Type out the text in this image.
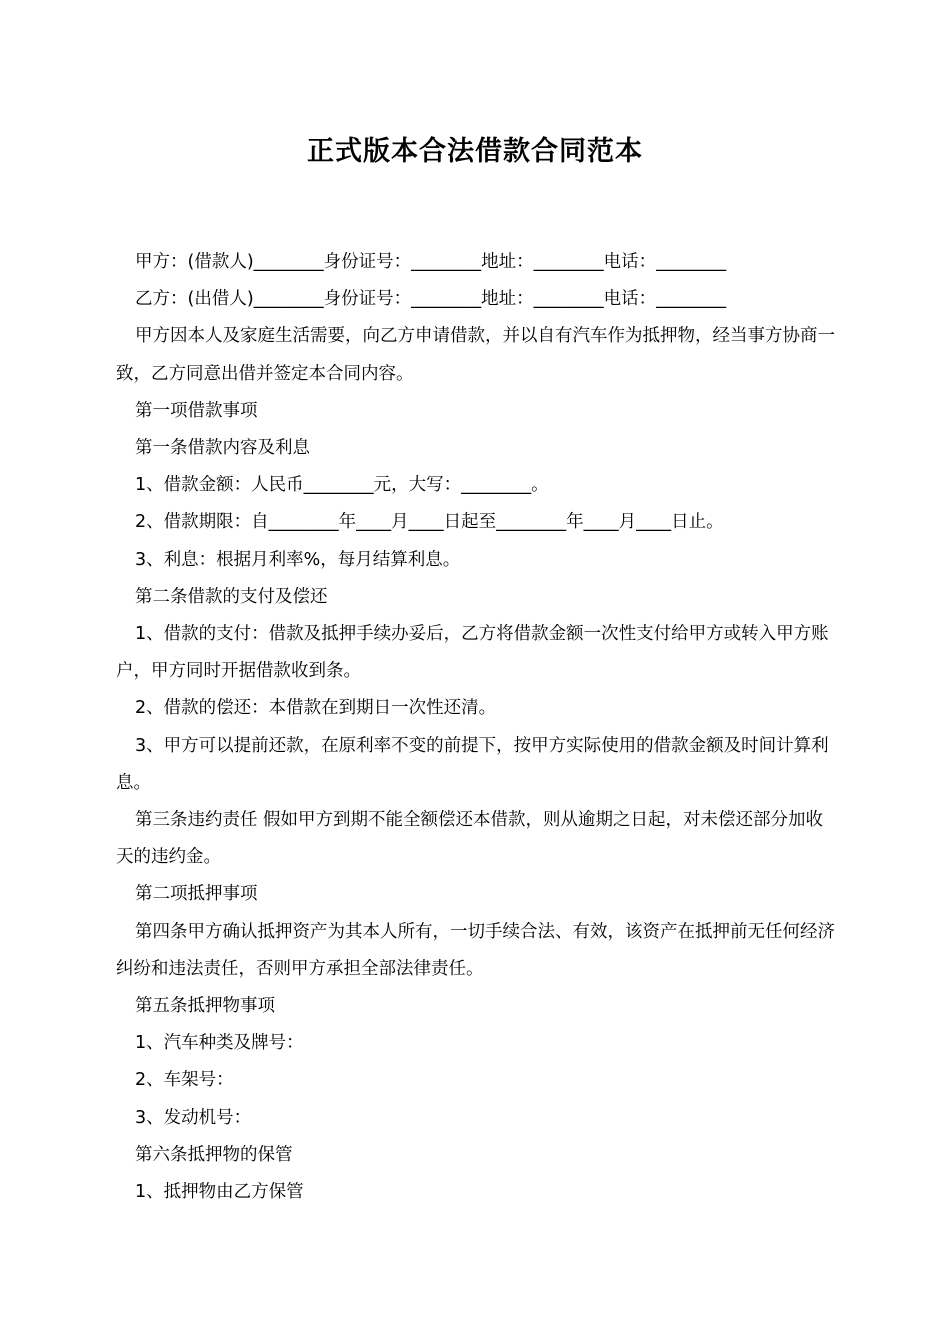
正式版本合法借款合同范本

甲方：(借款人)________身份证号：________地址：________电话：________

乙方：(出借人)________身份证号：________地址：________电话：________

甲方因本人及家庭生活需要，向乙方申请借款，并以自有汽车作为抵押物，经当事方协商一致，乙方同意出借并签定本合同内容。

第一项借款事项

第一条借款内容及利息

1、借款金额：人民币________元，大写：________。

2、借款期限：自________年____月____日起至________年____月____日止。

3、利息：根据月利率%，每月结算利息。

第二条借款的支付及偿还

1、借款的支付：借款及抵押手续办妥后，乙方将借款金额一次性支付给甲方或转入甲方账户，甲方同时开据借款收到条。

2、借款的偿还：本借款在到期日一次性还清。

3、甲方可以提前还款，在原利率不变的前提下，按甲方实际使用的借款金额及时间计算利息。

第三条违约责任 假如甲方到期不能全额偿还本借款，则从逾期之日起，对未偿还部分加收天的违约金。

第二项抵押事项

第四条甲方确认抵押资产为其本人所有，一切手续合法、有效，该资产在抵押前无任何经济纠纷和违法责任，否则甲方承担全部法律责任。

第五条抵押物事项

1、汽车种类及牌号：

2、车架号：

3、发动机号：

第六条抵押物的保管

1、抵押物由乙方保管
